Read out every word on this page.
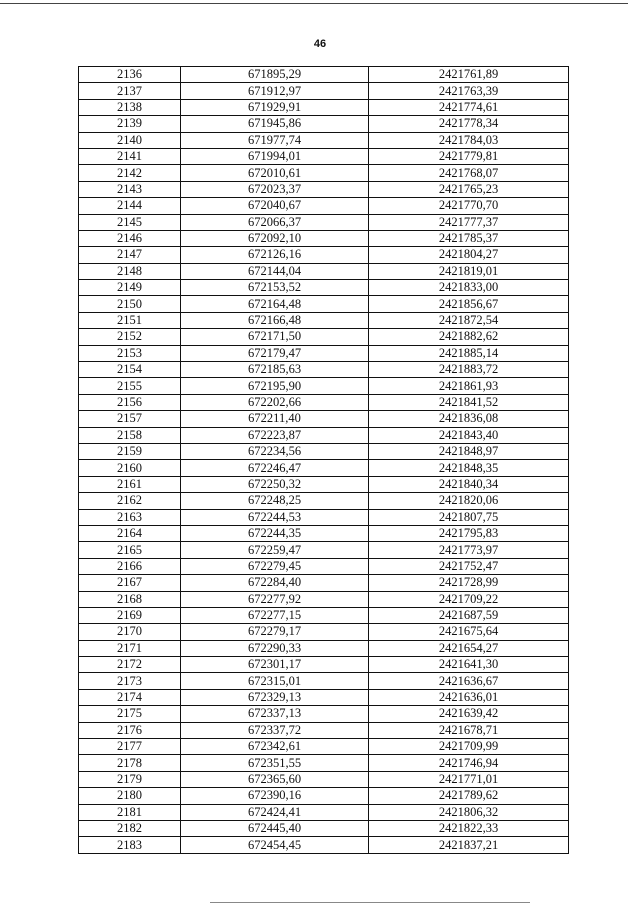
46
2136	671895,29	2421761,89
2137	671912,97	2421763,39
2138	671929,91	2421774,61
2139	671945,86	2421778,34
2140	671977,74	2421784,03
2141	671994,01	2421779,81
2142	672010,61	2421768,07
2143	672023,37	2421765,23
2144	672040,67	2421770,70
2145	672066,37	2421777,37
2146	672092,10	2421785,37
2147	672126,16	2421804,27
2148	672144,04	2421819,01
2149	672153,52	2421833,00
2150	672164,48	2421856,67
2151	672166,48	2421872,54
2152	672171,50	2421882,62
2153	672179,47	2421885,14
2154	672185,63	2421883,72
2155	672195,90	2421861,93
2156	672202,66	2421841,52
2157	672211,40	2421836,08
2158	672223,87	2421843,40
2159	672234,56	2421848,97
2160	672246,47	2421848,35
2161	672250,32	2421840,34
2162	672248,25	2421820,06
2163	672244,53	2421807,75
2164	672244,35	2421795,83
2165	672259,47	2421773,97
2166	672279,45	2421752,47
2167	672284,40	2421728,99
2168	672277,92	2421709,22
2169	672277,15	2421687,59
2170	672279,17	2421675,64
2171	672290,33	2421654,27
2172	672301,17	2421641,30
2173	672315,01	2421636,67
2174	672329,13	2421636,01
2175	672337,13	2421639,42
2176	672337,72	2421678,71
2177	672342,61	2421709,99
2178	672351,55	2421746,94
2179	672365,60	2421771,01
2180	672390,16	2421789,62
2181	672424,41	2421806,32
2182	672445,40	2421822,33
2183	672454,45	2421837,21
